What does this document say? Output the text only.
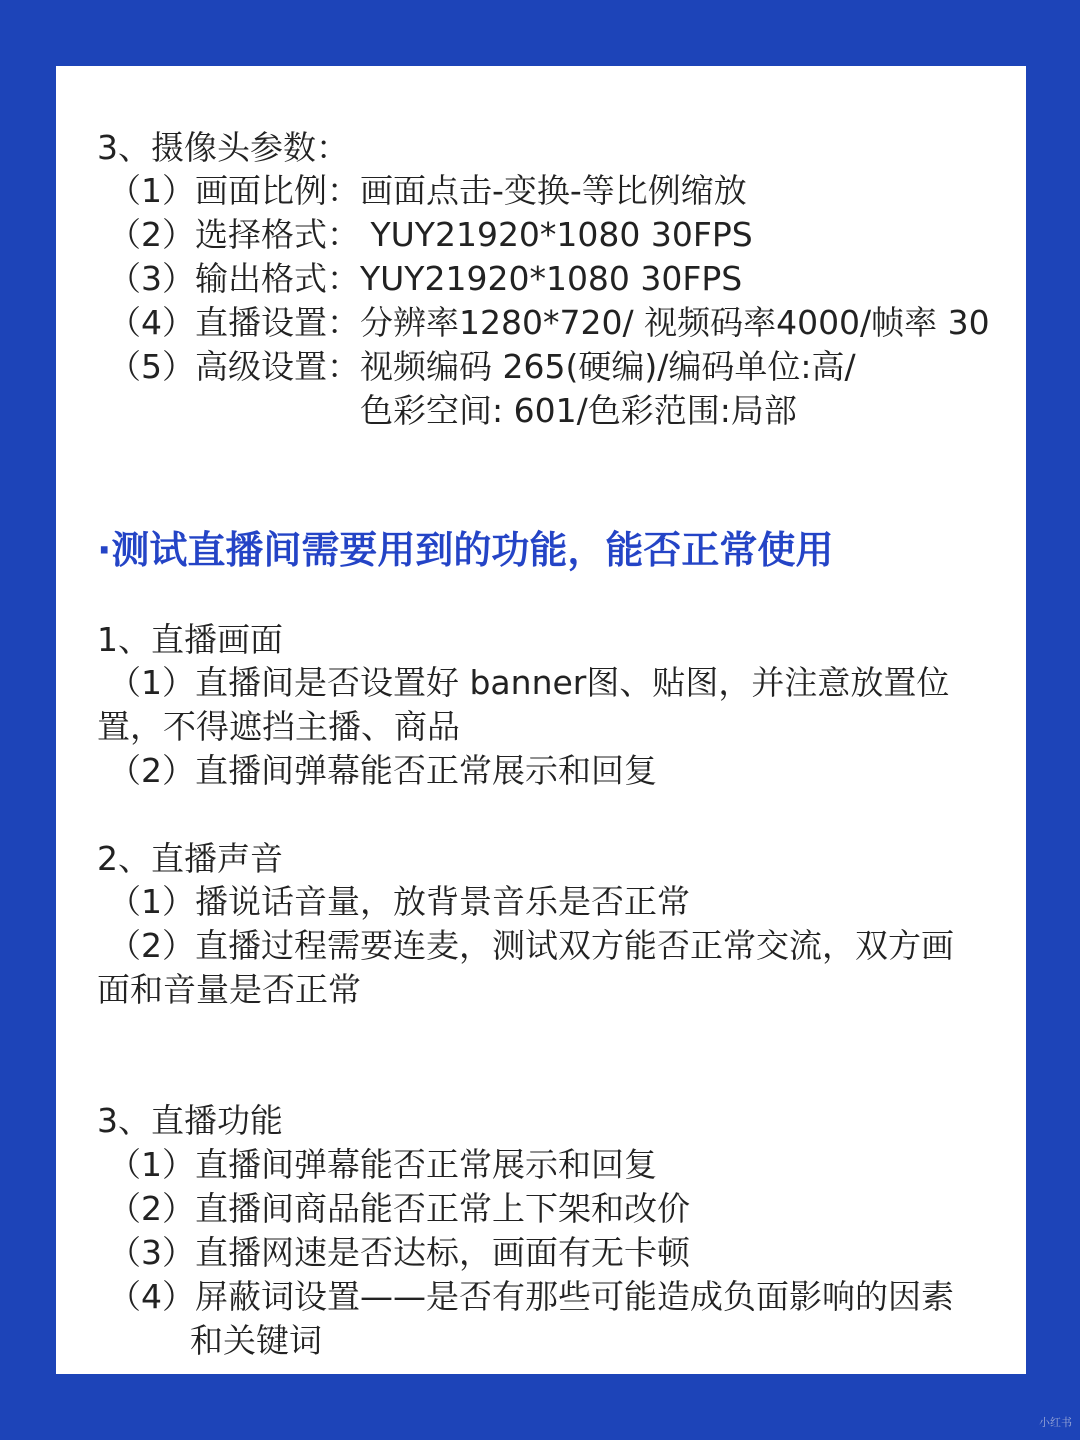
3、摄像头参数：
（1）画面比例：画面点击-变换-等比例缩放
（2）选择格式： YUY21920*1080 30FPS
（3）输出格式：YUY21920*1080 30FPS
（4）直播设置：分辨率1280*720/ 视频码率4000/帧率 30
（5）高级设置：视频编码 265(硬编)/编码单位:高/
色彩空间: 601/色彩范围:局部
·测试直播间需要用到的功能，能否正常使用
1、直播画面
（1）直播间是否设置好 banner图、贴图，并注意放置位
置，不得遮挡主播、商品
（2）直播间弹幕能否正常展示和回复
2、直播声音
（1）播说话音量，放背景音乐是否正常
（2）直播过程需要连麦，测试双方能否正常交流，双方画
面和音量是否正常
3、直播功能
（1）直播间弹幕能否正常展示和回复
（2）直播间商品能否正常上下架和改价
（3）直播网速是否达标，画面有无卡顿
（4）屏蔽词设置——是否有那些可能造成负面影响的因素
和关键词
小红书
